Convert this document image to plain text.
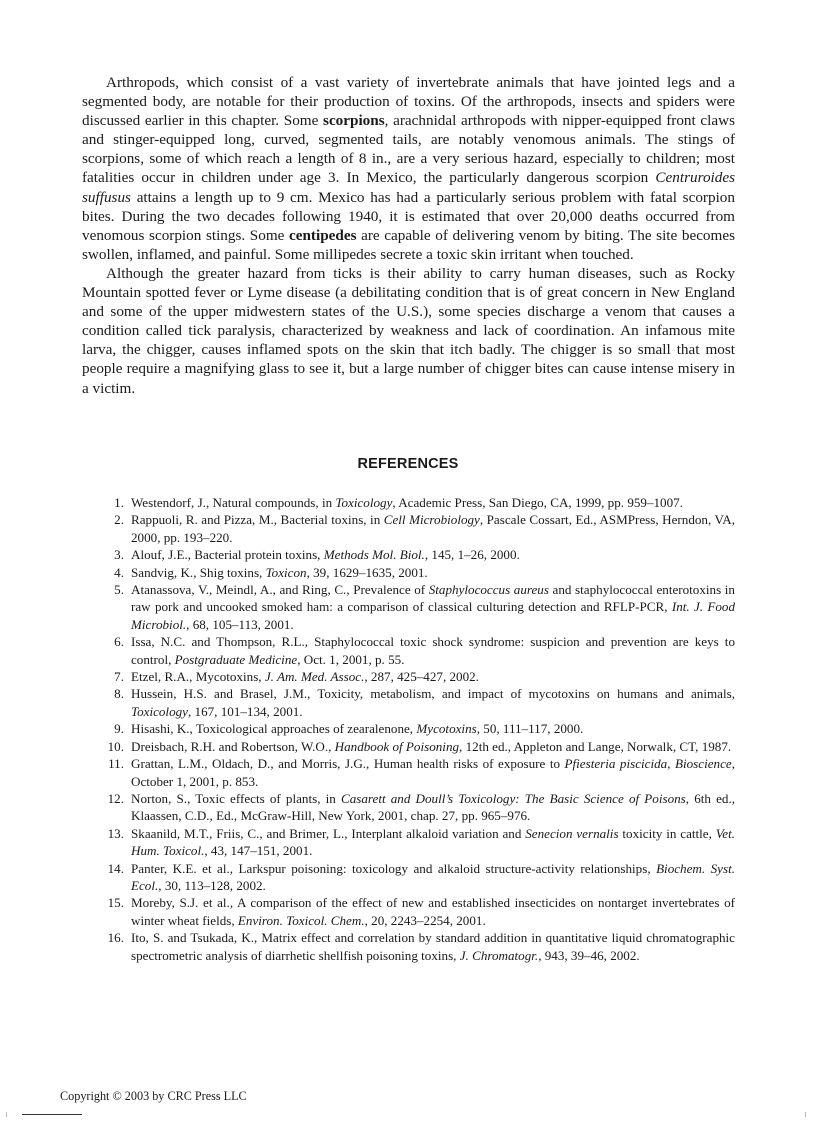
Arthropods, which consist of a vast variety of invertebrate animals that have jointed legs and a segmented body, are notable for their production of toxins. Of the arthropods, insects and spiders were discussed earlier in this chapter. Some scorpions, arachnidal arthropods with nipper-equipped front claws and stinger-equipped long, curved, segmented tails, are notably venomous animals. The stings of scorpions, some of which reach a length of 8 in., are a very serious hazard, especially to children; most fatalities occur in children under age 3. In Mexico, the particularly dangerous scorpion Centruroides suffusus attains a length up to 9 cm. Mexico has had a particularly serious problem with fatal scorpion bites. During the two decades following 1940, it is estimated that over 20,000 deaths occurred from venomous scorpion stings. Some centipedes are capable of delivering venom by biting. The site becomes swollen, inflamed, and painful. Some millipedes secrete a toxic skin irritant when touched.

Although the greater hazard from ticks is their ability to carry human diseases, such as Rocky Mountain spotted fever or Lyme disease (a debilitating condition that is of great concern in New England and some of the upper midwestern states of the U.S.), some species discharge a venom that causes a condition called tick paralysis, characterized by weakness and lack of coordination. An infamous mite larva, the chigger, causes inflamed spots on the skin that itch badly. The chigger is so small that most people require a magnifying glass to see it, but a large number of chigger bites can cause intense misery in a victim.

REFERENCES
1. Westendorf, J., Natural compounds, in Toxicology, Academic Press, San Diego, CA, 1999, pp. 959–1007.
2. Rappuoli, R. and Pizza, M., Bacterial toxins, in Cell Microbiology, Pascale Cossart, Ed., ASMPress, Herndon, VA, 2000, pp. 193–220.
3. Alouf, J.E., Bacterial protein toxins, Methods Mol. Biol., 145, 1–26, 2000.
4. Sandvig, K., Shig toxins, Toxicon, 39, 1629–1635, 2001.
5. Atanassova, V., Meindl, A., and Ring, C., Prevalence of Staphylococcus aureus and staphylococcal enterotoxins in raw pork and uncooked smoked ham: a comparison of classical culturing detection and RFLP-PCR, Int. J. Food Microbiol., 68, 105–113, 2001.
6. Issa, N.C. and Thompson, R.L., Staphylococcal toxic shock syndrome: suspicion and prevention are keys to control, Postgraduate Medicine, Oct. 1, 2001, p. 55.
7. Etzel, R.A., Mycotoxins, J. Am. Med. Assoc., 287, 425–427, 2002.
8. Hussein, H.S. and Brasel, J.M., Toxicity, metabolism, and impact of mycotoxins on humans and animals, Toxicology, 167, 101–134, 2001.
9. Hisashi, K., Toxicological approaches of zearalenone, Mycotoxins, 50, 111–117, 2000.
10. Dreisbach, R.H. and Robertson, W.O., Handbook of Poisoning, 12th ed., Appleton and Lange, Norwalk, CT, 1987.
11. Grattan, L.M., Oldach, D., and Morris, J.G., Human health risks of exposure to Pfiesteria piscicida, Bioscience, October 1, 2001, p. 853.
12. Norton, S., Toxic effects of plants, in Casarett and Doull’s Toxicology: The Basic Science of Poisons, 6th ed., Klaassen, C.D., Ed., McGraw-Hill, New York, 2001, chap. 27, pp. 965–976.
13. Skaanild, M.T., Friis, C., and Brimer, L., Interplant alkaloid variation and Senecion vernalis toxicity in cattle, Vet. Hum. Toxicol., 43, 147–151, 2001.
14. Panter, K.E. et al., Larkspur poisoning: toxicology and alkaloid structure-activity relationships, Biochem. Syst. Ecol., 30, 113–128, 2002.
15. Moreby, S.J. et al., A comparison of the effect of new and established insecticides on nontarget invertebrates of winter wheat fields, Environ. Toxicol. Chem., 20, 2243–2254, 2001.
16. Ito, S. and Tsukada, K., Matrix effect and correlation by standard addition in quantitative liquid chromatographic spectrometric analysis of diarrhetic shellfish poisoning toxins, J. Chromatogr., 943, 39–46, 2002.
Copyright © 2003 by CRC Press LLC
